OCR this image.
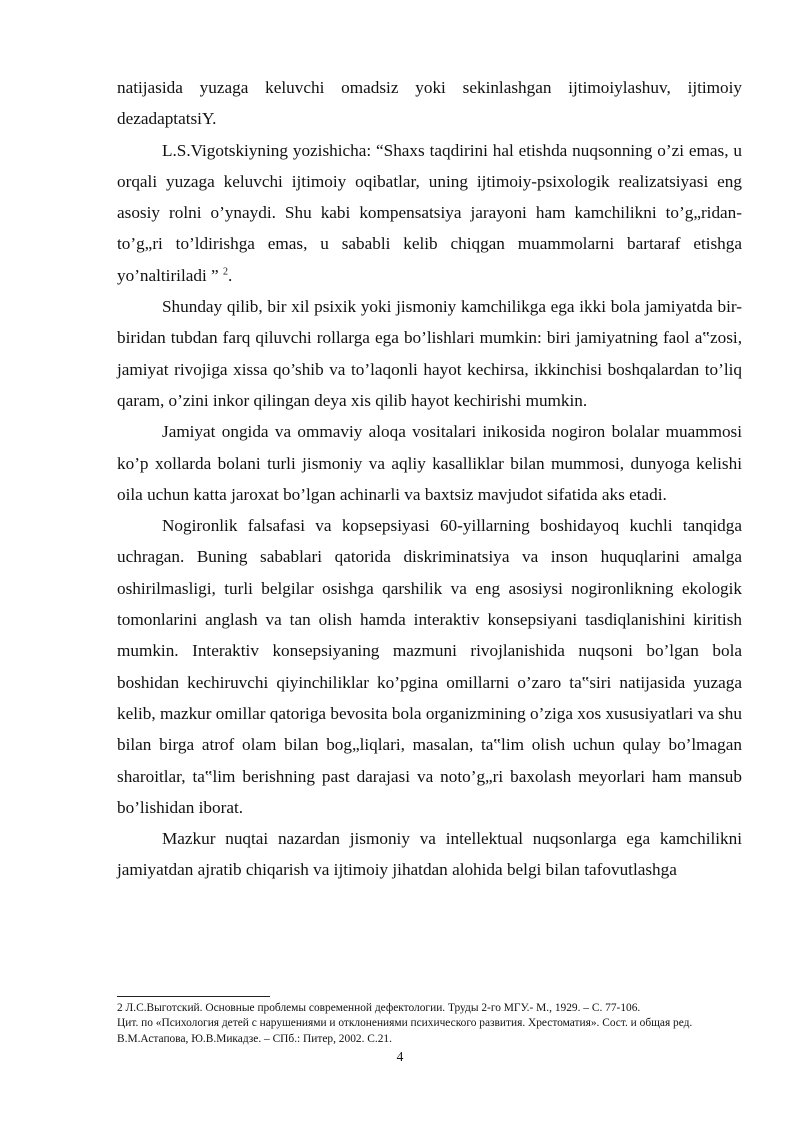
natijasida yuzaga keluvchi omadsiz yoki sekinlashgan ijtimoiylashuv, ijtimoiy dezadaptatsiY.

L.S.Vigotskiyning yozishicha: “Shaxs taqdirini hal etishda nuqsonning o’zi emas, u orqali yuzaga keluvchi ijtimoiy oqibatlar, uning ijtimoiy-psixologik realizatsiyasi eng asosiy rolni o’ynaydi. Shu kabi kompensatsiya jarayoni ham kamchilikni to’g„ridan-to’g„ri to’ldirishga emas, u sababli kelib chiqgan muammolarni bartaraf etishga yo’naltiriladi ” $^2$.

Shunday qilib, bir xil psixik yoki jismoniy kamchilikga ega ikki bola jamiyatda bir-biridan tubdan farq qiluvchi rollarga ega bo’lishlari mumkin: biri jamiyatning faol a‟zosi, jamiyat rivojiga xissa qo’shib va to’laqonli hayot kechirsa, ikkinchisi boshqalardan to’liq qaram, o’zini inkor qilingan deya xis qilib hayot kechirishi mumkin.

Jamiyat ongida va ommaviy aloqa vositalari inikosida nogiron bolalar muammosi ko’p xollarda bolani turli jismoniy va aqliy kasalliklar bilan mummosi, dunyoga kelishi oila uchun katta jaroxat bo’lgan achinarli va baxtsiz mavjudot sifatida aks etadi.

Nogironlik falsafasi va kopsepsiyasi 60-yillarning boshidayoq kuchli tanqidga uchragan. Buning sabablari qatorida diskriminatsiya va inson huquqlarini amalga oshirilmasligi, turli belgilar osishga qarshilik va eng asosiysi nogironlikning ekologik tomonlarini anglash va tan olish hamda interaktiv konsepsiyani tasdiqlanishini kiritish mumkin. Interaktiv konsepsiyaning mazmuni rivojlanishida nuqsoni bo’lgan bola boshidan kechiruvchi qiyinchiliklar ko’pgina omillarni o’zaro ta‟siri natijasida yuzaga kelib, mazkur omillar qatoriga bevosita bola organizmining o’ziga xos xususiyatlari va shu bilan birga atrof olam bilan bog„liqlari, masalan, ta‟lim olish uchun qulay bo’lmagan sharoitlar, ta‟lim berishning past darajasi va noto’g„ri baxolash meyorlari ham mansub bo’lishidan iborat.

Mazkur nuqtai nazardan jismoniy va intellektual nuqsonlarga ega kamchilikni jamiyatdan ajratib chiqarish va ijtimoiy jihatdan alohida belgi bilan tafovutlashga

2 Л.С.Выготский. Основные проблемы современной дефектологии. Труды 2-го МГУ.- М., 1929. – С. 77-106.

Цит. по «Психология детей с нарушениями и отклонениями психического развития. Хрестоматия». Сост. и общая ред. В.М.Астапова, Ю.В.Микадзе. – СПб.: Питер, 2002. С.21.

4
